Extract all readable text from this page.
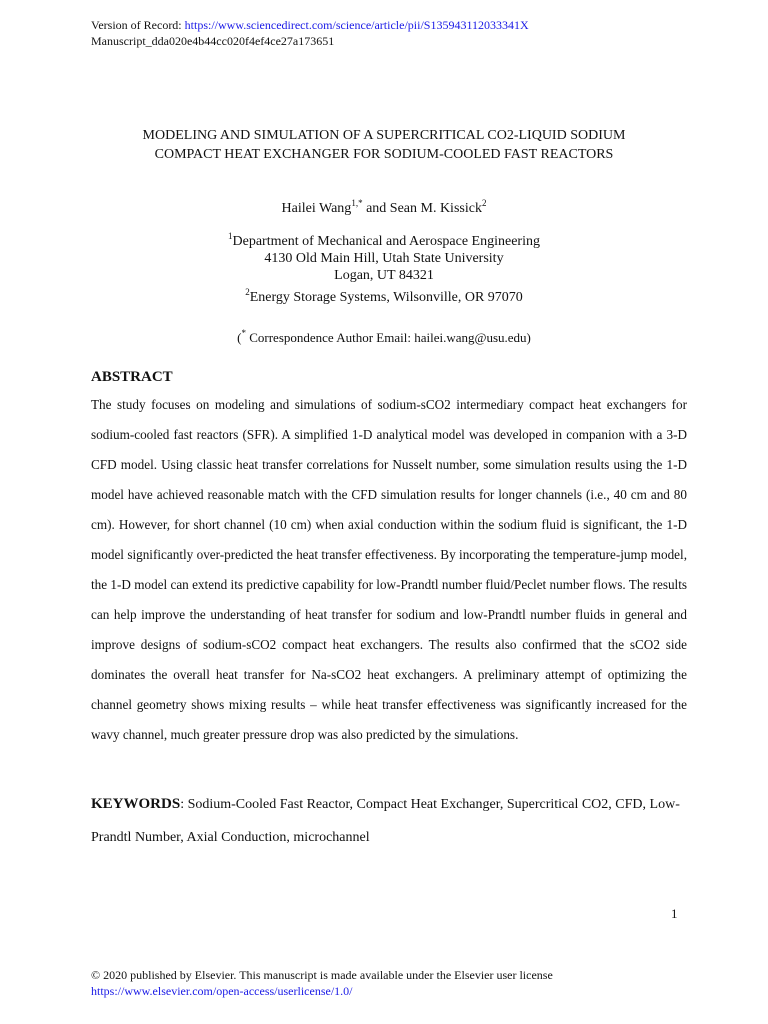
Version of Record: https://www.sciencedirect.com/science/article/pii/S135943112033341X
Manuscript_dda020e4b44cc020f4ef4ce27a173651
MODELING AND SIMULATION OF A SUPERCRITICAL CO2-LIQUID SODIUM
COMPACT HEAT EXCHANGER FOR SODIUM-COOLED FAST REACTORS
Hailei Wang$^{1,*}$ and Sean M. Kissick$^2$
$^1$Department of Mechanical and Aerospace Engineering
4130 Old Main Hill, Utah State University
Logan, UT 84321
$^2$Energy Storage Systems, Wilsonville, OR 97070
(* Correspondence Author Email: hailei.wang@usu.edu)
ABSTRACT
The study focuses on modeling and simulations of sodium-sCO2 intermediary compact heat exchangers for sodium-cooled fast reactors (SFR). A simplified 1-D analytical model was developed in companion with a 3-D CFD model. Using classic heat transfer correlations for Nusselt number, some simulation results using the 1-D model have achieved reasonable match with the CFD simulation results for longer channels (i.e., 40 cm and 80 cm). However, for short channel (10 cm) when axial conduction within the sodium fluid is significant, the 1-D model significantly over-predicted the heat transfer effectiveness. By incorporating the temperature-jump model, the 1-D model can extend its predictive capability for low-Prandtl number fluid/Peclet number flows. The results can help improve the understanding of heat transfer for sodium and low-Prandtl number fluids in general and improve designs of sodium-sCO2 compact heat exchangers. The results also confirmed that the sCO2 side dominates the overall heat transfer for Na-sCO2 heat exchangers. A preliminary attempt of optimizing the channel geometry shows mixing results – while heat transfer effectiveness was significantly increased for the wavy channel, much greater pressure drop was also predicted by the simulations.
KEYWORDS: Sodium-Cooled Fast Reactor, Compact Heat Exchanger, Supercritical CO2, CFD, Low-Prandtl Number, Axial Conduction, microchannel
1
© 2020 published by Elsevier. This manuscript is made available under the Elsevier user license
https://www.elsevier.com/open-access/userlicense/1.0/
